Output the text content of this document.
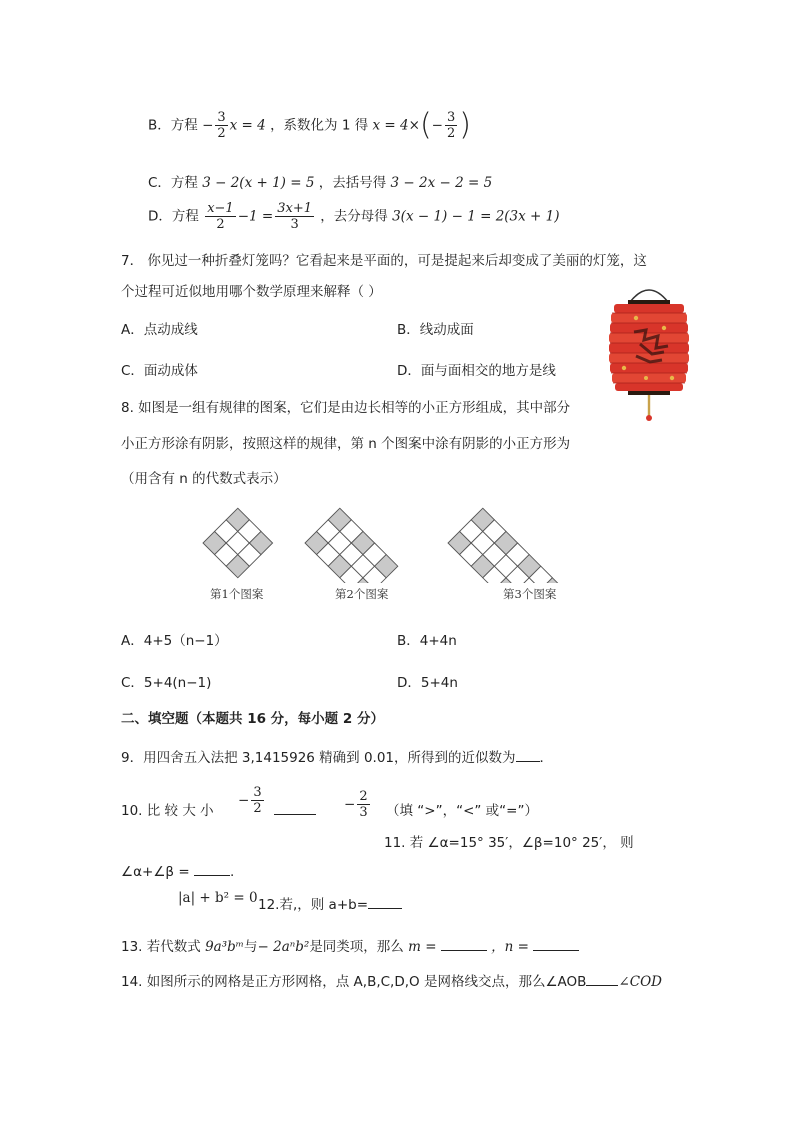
B．方程 − $\frac{3}{2}$ x = 4 ，系数化为 1 得 $x = 4\times(- \frac{3}{2}$ )
C．方程 3 − 2(x + 1) = 5 ，去括号得 3 − 2x − 2 = 5
D．方程 $\frac{x-1}{2} -1 = \frac{3x+1}{3}$ ，去分母得 3(x − 1) − 1 = 2(3x + 1)
7． 你见过一种折叠灯笼吗？它看起来是平面的，可是提起来后却变成了美丽的灯笼，这
个过程可近似地用哪个数学原理来解释（ ）
A．点动成线	B．线动成面
C．面动成体	D．面与面相交的地方是线
8. 如图是一组有规律的图案，它们是由边长相等的小正方形组成，其中部分
小正方形涂有阴影，按照这样的规律，第 n 个图案中涂有阴影的小正方形为
（用含有 n 的代数式表示）
第1个图案	第2个图案	第3个图案
A．4+5（n−1）	B．4+4n
C．5+4(n−1)	D．5+4n
二、填空题（本题共 16 分，每小题 2 分）
9．用四舍五入法把 3,1415926 精确到 0.01，所得到的近似数为 ．
10. 比 较 大 小
− $\frac{3}{2}$	− $\frac{2}{3}$ （填 “>”，“<” 或“=”）
11. 若 ∠α=15° 35′，∠β=10° 25′， 则
∠α+∠β =	.
|a| + b² = 0 12.若,，则 a+b=
13. 若代数式 9a³bᵐ与− 2aⁿb²是同类项，那么 m =	，n =
14. 如图所示的网格是正方形网格，点 A,B,C,D,O 是网格线交点，那么∠AOB ∠COD
